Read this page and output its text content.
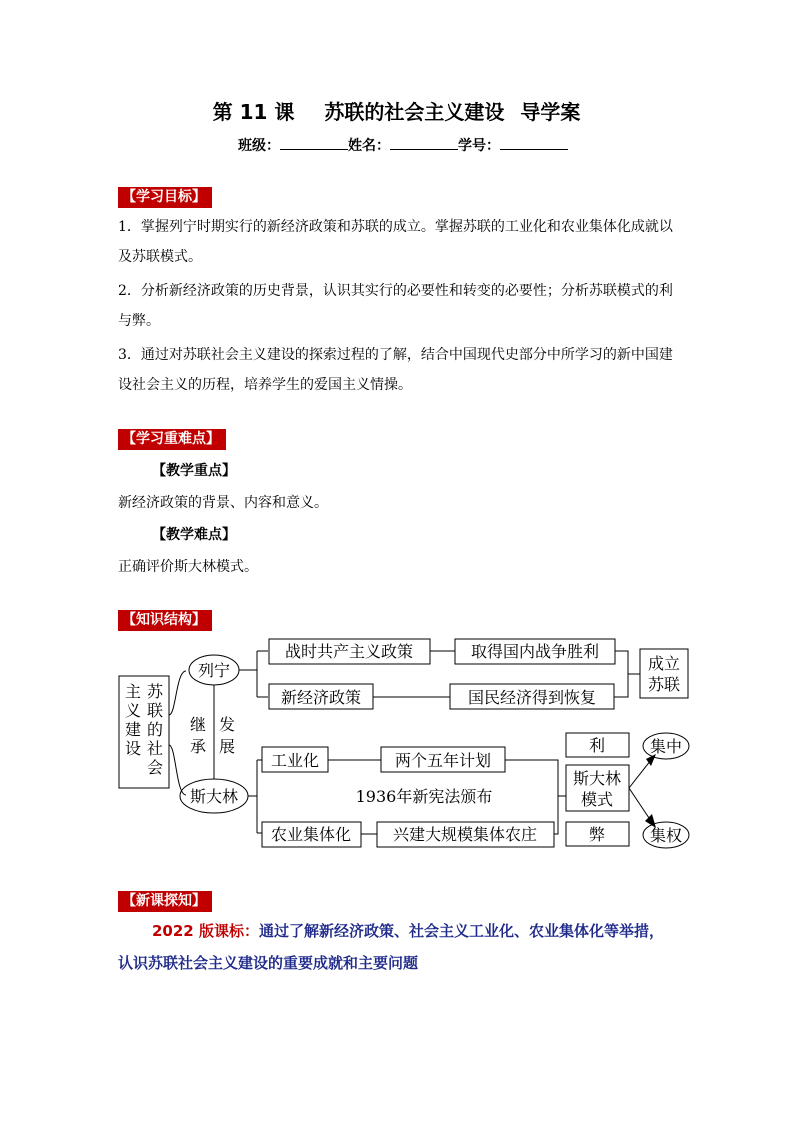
第 11 课 苏联的社会主义建设 导学案
班级：	姓名：	学号：
【学习目标】
1．掌握列宁时期实行的新经济政策和苏联的成立。掌握苏联的工业化和农业集体化成就以及苏联模式。
2．分析新经济政策的历史背景，认识其实行的必要性和转变的必要性；分析苏联模式的利与弊。
3．通过对苏联社会主义建设的探索过程的了解，结合中国现代史部分中所学习的新中国建设社会主义的历程，培养学生的爱国主义情操。
【学习重难点】
【教学重点】
新经济政策的背景、内容和意义。
【教学难点】
正确评价斯大林模式。
【知识结构】
苏
联
的
社
会
主
义
建
设
列宁
斯大林
继
承
发
展
战时共产主义政策	取得国内战争胜利
新经济政策	国民经济得到恢复
成立
苏联
工业化	两个五年计划
1936年新宪法颁布
农业集体化	兴建大规模集体农庄
利
斯大林
模式
弊
集中
集权
【新课探知】
2022 版课标：通过了解新经济政策、社会主义工业化、农业集体化等举措，
认识苏联社会主义建设的重要成就和主要问题
